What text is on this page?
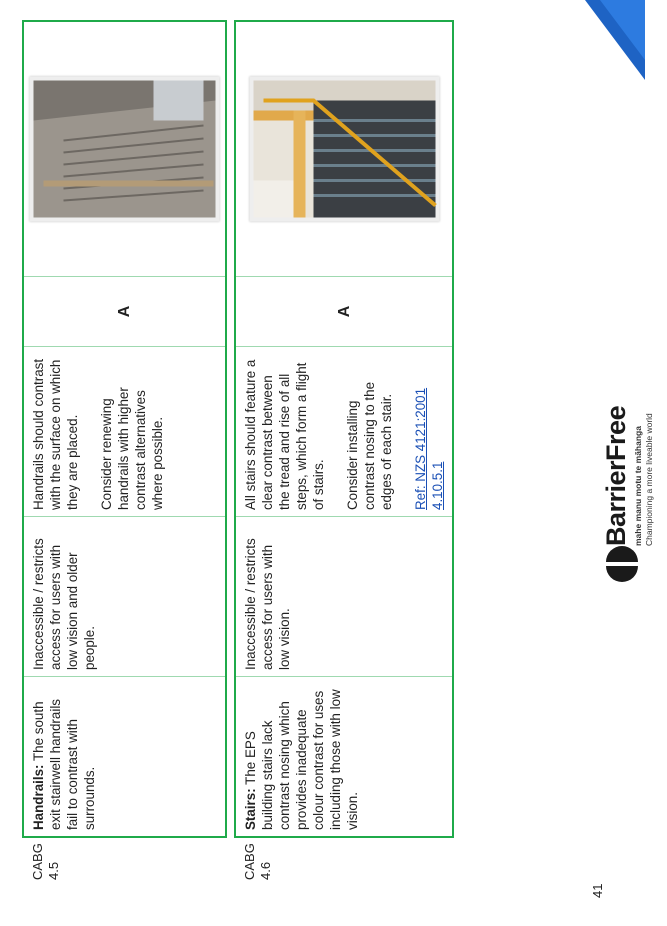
CABG 4.5
Handrails: The south exit stairwell handrails fail to contrast with surrounds.
Inaccessible / restricts access for users with low vision and older people.
Handrails should contrast with the surface on which they are placed. Consider renewing handrails with higher contrast alternatives where possible.
A
CABG 4.6
Stairs: The EPS building stairs lack contrast nosing which provides inadequate colour contrast for uses including those with low vision.
Inaccessible / restricts access for users with low vision.
All stairs should feature a clear contrast between the tread and rise of all steps, which form a flight of stairs. Consider installing contrast nosing to the edges of each stair. Ref: NZS 4121:2001 4.10.5.1
A
BarrierFree mahe manu motu te māhanga Championing a more liveable world
41
